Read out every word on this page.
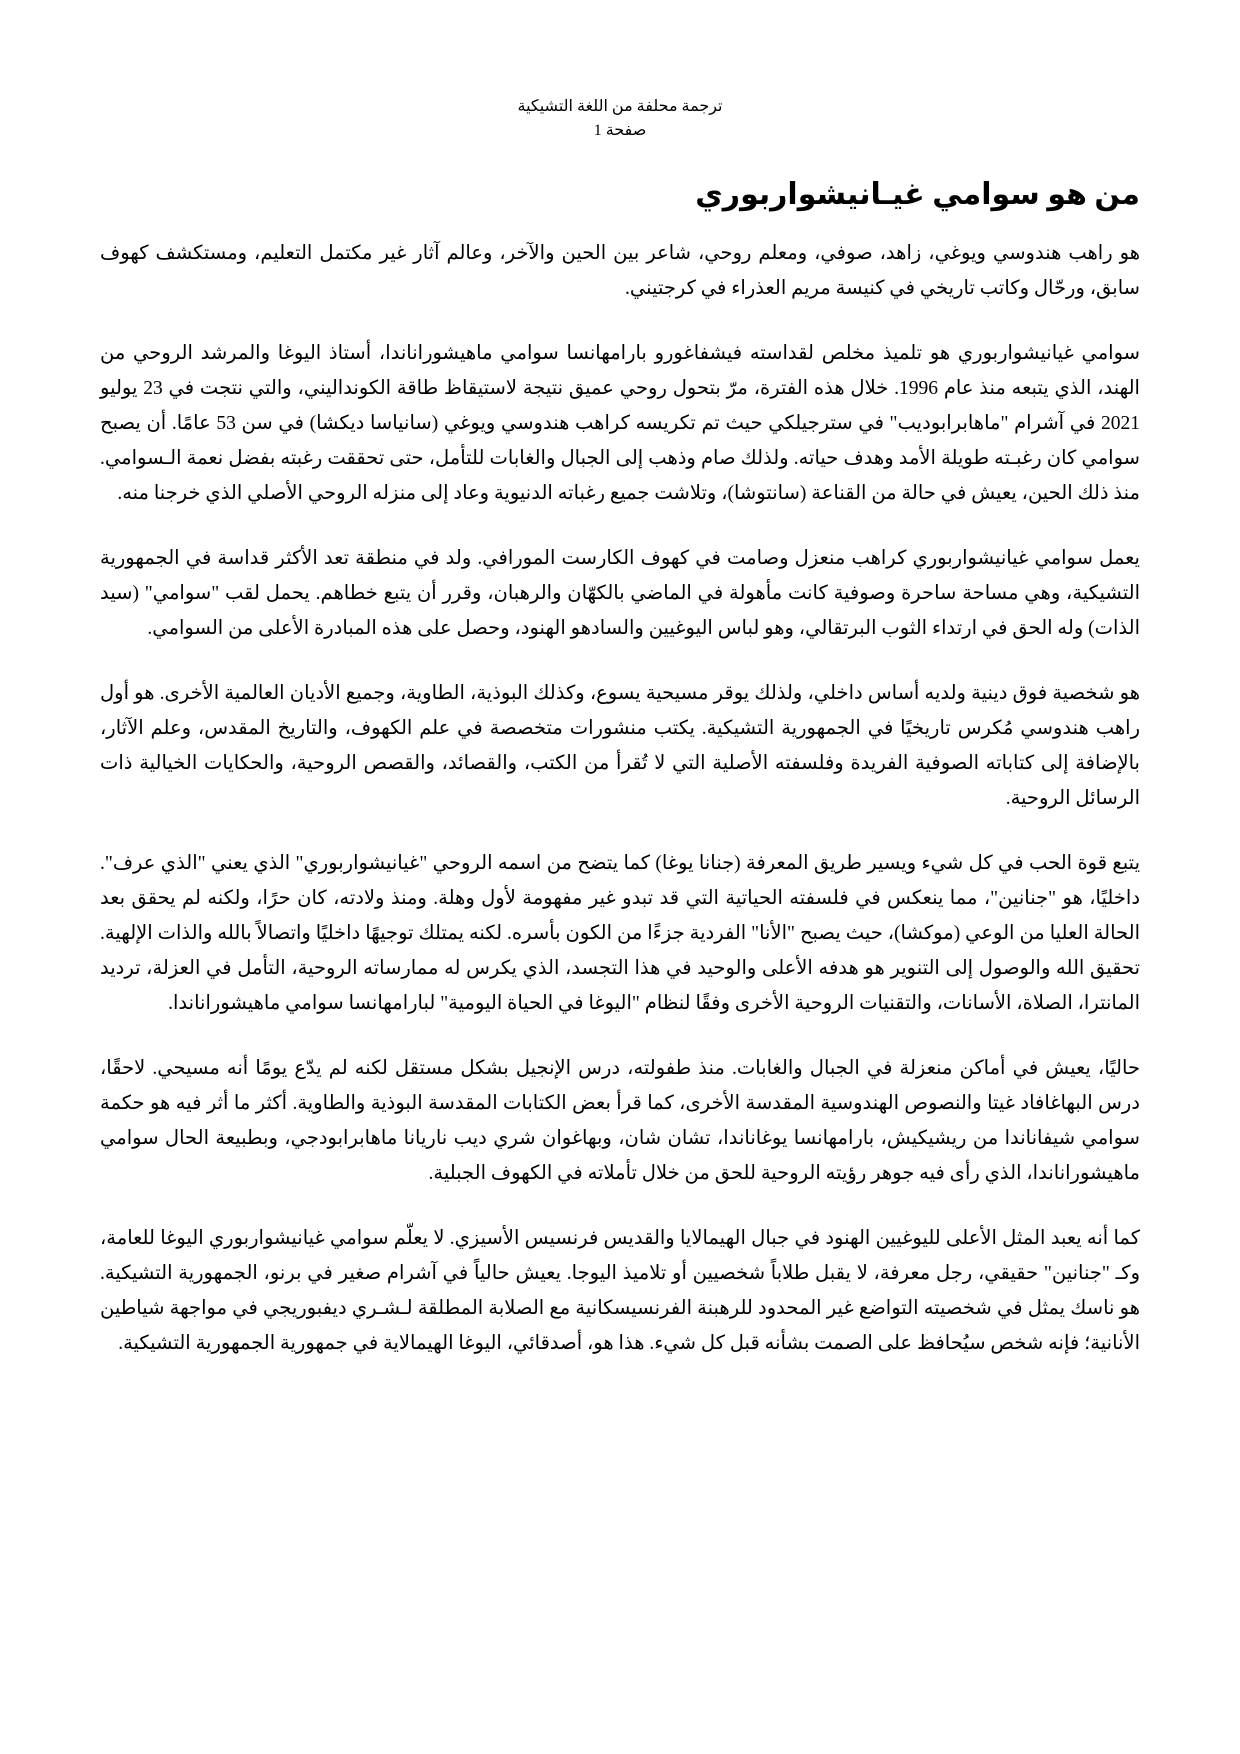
ترجمة محلفة من اللغة التشيكية
صفحة 1
من هو سوامي غيـانيشواربوري

هو راهب هندوسي ويوغي، زاهد، صوفي، ومعلم روحي، شاعر بين الحين والآخر، وعالم آثار غير مكتمل التعليم، ومستكشف كهوف سابق، ورحّال وكاتب تاريخي في كنيسة مريم العذراء في كرجتيني.

سوامي غيانيشواربوري هو تلميذ مخلص لقداسته فيشفاغورو بارامهانسا سوامي ماهيشوراناندا، أستاذ اليوغا والمرشد الروحي من الهند، الذي يتبعه منذ عام 1996. خلال هذه الفترة، مرّ بتحول روحي عميق نتيجة لاستيقاظ طاقة الكونداليني، والتي نتجت في 23 يوليو 2021 في آشرام "ماهابرابوديب" في سترجيلكي حيث تم تكريسه كراهب هندوسي ويوغي (سانياسا ديكشا) في سن 53 عامًا. أن يصبح سوامي كان رغبـته طويلة الأمد وهدف حياته. ولذلك صام وذهب إلى الجبال والغابات للتأمل، حتى تحققت رغبته بفضل نعمة الـسوامي. منذ ذلك الحين، يعيش في حالة من القناعة (سانتوشا)، وتلاشت جميع رغباته الدنيوية وعاد إلى منزله الروحي الأصلي الذي خرجنا منه.

يعمل سوامي غيانيشواربوري كراهب منعزل وصامت في كهوف الكارست المورافي. ولد في منطقة تعد الأكثر قداسة في الجمهورية التشيكية، وهي مساحة ساحرة وصوفية كانت مأهولة في الماضي بالكهّان والرهبان، وقرر أن يتبع خطاهم. يحمل لقب "سوامي" (سيد الذات) وله الحق في ارتداء الثوب البرتقالي، وهو لباس اليوغيين والسادهو الهنود، وحصل على هذه المبادرة الأعلى من السوامي.

هو شخصية فوق دينية ولديه أساس داخلي، ولذلك يوقر مسيحية يسوع، وكذلك البوذية، الطاوية، وجميع الأديان العالمية الأخرى. هو أول راهب هندوسي مُكرس تاريخيًا في الجمهورية التشيكية. يكتب منشورات متخصصة في علم الكهوف، والتاريخ المقدس، وعلم الآثار، بالإضافة إلى كتاباته الصوفية الفريدة وفلسفته الأصلية التي لا تُقرأ من الكتب، والقصائد، والقصص الروحية، والحكايات الخيالية ذات الرسائل الروحية.

يتبع قوة الحب في كل شيء ويسير طريق المعرفة (جنانا يوغا) كما يتضح من اسمه الروحي "غيانيشواربوري" الذي يعني "الذي عرف". داخليًا، هو "جنانين"، مما ينعكس في فلسفته الحياتية التي قد تبدو غير مفهومة لأول وهلة. ومنذ ولادته، كان حرًا، ولكنه لم يحقق بعد الحالة العليا من الوعي (موكشا)، حيث يصبح "الأنا" الفردية جزءًا من الكون بأسره. لكنه يمتلك توجيهًا داخليًا واتصالاً بالله والذات الإلهية. تحقيق الله والوصول إلى التنوير هو هدفه الأعلى والوحيد في هذا التجسد، الذي يكرس له ممارساته الروحية، التأمل في العزلة، ترديد المانترا، الصلاة، الأسانات، والتقنيات الروحية الأخرى وفقًا لنظام "اليوغا في الحياة اليومية" لبارامهانسا سوامي ماهيشوراناندا.

حاليًا، يعيش في أماكن منعزلة في الجبال والغابات. منذ طفولته، درس الإنجيل بشكل مستقل لكنه لم يدّع يومًا أنه مسيحي. لاحقًا، درس البهاغافاد غيتا والنصوص الهندوسية المقدسة الأخرى، كما قرأ بعض الكتابات المقدسة البوذية والطاوية. أكثر ما أثر فيه هو حكمة سوامي شيفاناندا من ريشيكيش، بارامهانسا يوغاناندا، تشان شان، وبهاغوان شري ديب ناريانا ماهابرابودجي، وبطبيعة الحال سوامي ماهيشوراناندا، الذي رأى فيه جوهر رؤيته الروحية للحق من خلال تأملاته في الكهوف الجبلية.

كما أنه يعبد المثل الأعلى لليوغيين الهنود في جبال الهيمالايا والقديس فرنسيس الأسيزي. لا يعلّم سوامي غيانيشواربوري اليوغا للعامة، وكـ "جنانين" حقيقي، رجل معرفة، لا يقبل طلاباً شخصيين أو تلاميذ اليوجا. يعيش حالياً في آشرام صغير في برنو، الجمهورية التشيكية. هو ناسك يمثل في شخصيته التواضع غير المحدود للرهبنة الفرنسيسكانية مع الصلابة المطلقة لـشـري ديفبوريجي في مواجهة شياطين الأنانية؛ فإنه شخص سيُحافظ على الصمت بشأنه قبل كل شيء. هذا هو، أصدقائي، اليوغا الهيمالاية في جمهورية الجمهورية التشيكية.
